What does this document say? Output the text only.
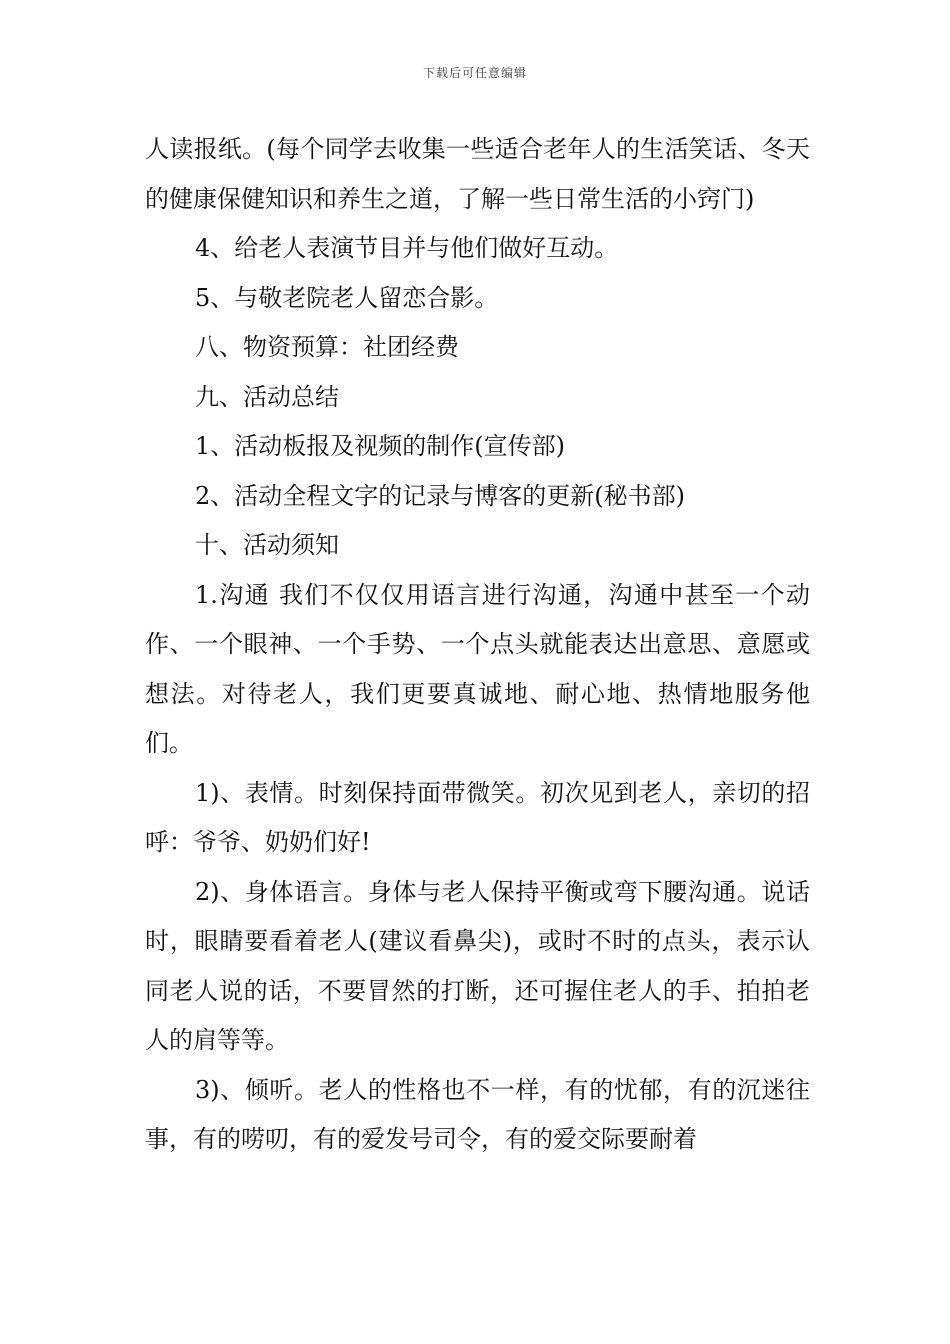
下载后可任意编辑

人读报纸。(每个同学去收集一些适合老年人的生活笑话、冬天的健康保健知识和养生之道，了解一些日常生活的小窍门)

4、给老人表演节目并与他们做好互动。

5、与敬老院老人留恋合影。

八、物资预算：社团经费

九、活动总结

1、活动板报及视频的制作(宣传部)

2、活动全程文字的记录与博客的更新(秘书部)

十、活动须知

1.沟通 我们不仅仅用语言进行沟通，沟通中甚至一个动作、一个眼神、一个手势、一个点头就能表达出意思、意愿或想法。对待老人，我们更要真诚地、耐心地、热情地服务他们。

1)、表情。时刻保持面带微笑。初次见到老人，亲切的招呼：爷爷、奶奶们好!

2)、身体语言。身体与老人保持平衡或弯下腰沟通。说话时，眼睛要看着老人(建议看鼻尖)，或时不时的点头，表示认同老人说的话，不要冒然的打断，还可握住老人的手、拍拍老人的肩等等。

3)、倾听。老人的性格也不一样，有的忧郁，有的沉迷往事，有的唠叨，有的爱发号司令，有的爱交际要耐着
